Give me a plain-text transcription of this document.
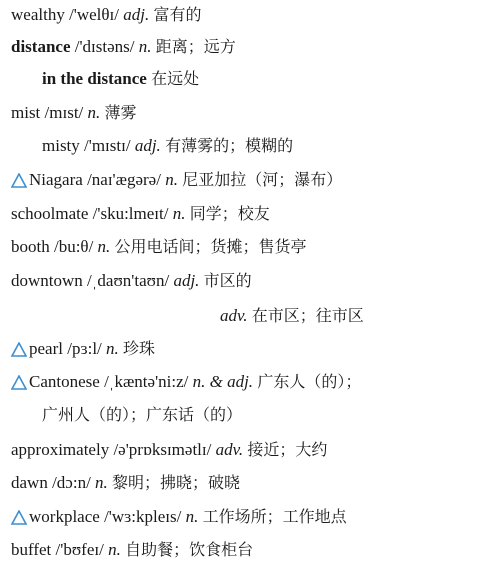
wealthy /'welθɪ/ adj. 富有的
distance /'dɪstəns/ n. 距离；远方
in the distance 在远处
mist /mɪst/ n. 薄雾
misty /'mɪstɪ/ adj. 有薄雾的；模糊的
Niagara /naɪ'ægərə/ n. 尼亚加拉（河；瀑布）
schoolmate /'sku:lmeɪt/ n. 同学；校友
booth /bu:θ/ n. 公用电话间；货摊；售货亭
downtown /ˌdaʊn'taʊn/ adj. 市区的
adv. 在市区；往市区
pearl /pɜ:l/ n. 珍珠
Cantonese /ˌkæntə'ni:z/ n. & adj. 广东人（的）；
广州人（的）；广东话（的）
approximately /ə'prɒksɪmətlɪ/ adv. 接近；大约
dawn /dɔ:n/ n. 黎明；拂晓；破晓
workplace /'wɜ:kpleɪs/ n. 工作场所；工作地点
buffet /'bʊfeɪ/ n. 自助餐；饮食柜台
